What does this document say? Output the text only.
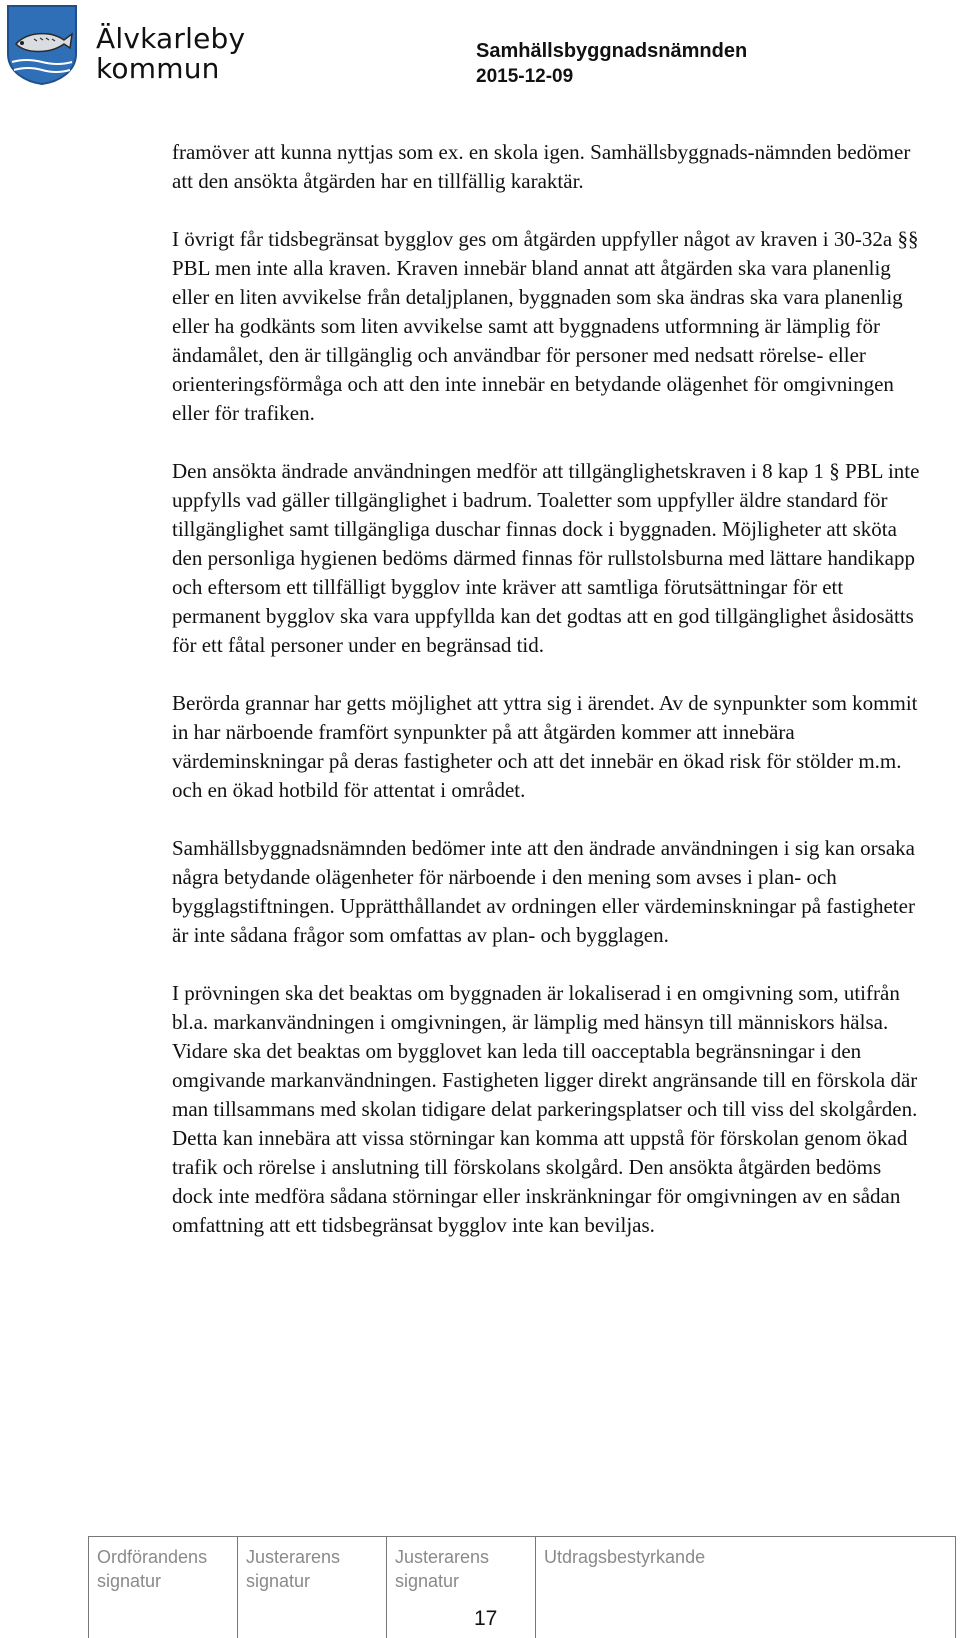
Älvkarleby
kommun
Samhällsbyggnadsnämnden
2015-12-09

framöver att kunna nyttjas som ex. en skola igen. Samhällsbyggnads-nämnden bedömer att den ansökta åtgärden har en tillfällig karaktär.

I övrigt får tidsbegränsat bygglov ges om åtgärden uppfyller något av kraven i 30-32a §§ PBL men inte alla kraven. Kraven innebär bland annat att åtgärden ska vara planenlig eller en liten avvikelse från detaljplanen, byggnaden som ska ändras ska vara planenlig eller ha godkänts som liten avvikelse samt att byggnadens utformning är lämplig för ändamålet, den är tillgänglig och användbar för personer med nedsatt rörelse- eller orienteringsförmåga och att den inte innebär en betydande olägenhet för omgivningen eller för trafiken.

Den ansökta ändrade användningen medför att tillgänglighetskraven i 8 kap 1 § PBL inte uppfylls vad gäller tillgänglighet i badrum. Toaletter som uppfyller äldre standard för tillgänglighet samt tillgängliga duschar finnas dock i byggnaden. Möjligheter att sköta den personliga hygienen bedöms därmed finnas för rullstolsburna med lättare handikapp och eftersom ett tillfälligt bygglov inte kräver att samtliga förutsättningar för ett permanent bygglov ska vara uppfyllda kan det godtas att en god tillgänglighet åsidosätts för ett fåtal personer under en begränsad tid.

Berörda grannar har getts möjlighet att yttra sig i ärendet. Av de synpunkter som kommit in har närboende framfört synpunkter på att åtgärden kommer att innebära värdeminskningar på deras fastigheter och att det innebär en ökad risk för stölder m.m. och en ökad hotbild för attentat i området.

Samhällsbyggnadsnämnden bedömer inte att den ändrade användningen i sig kan orsaka några betydande olägenheter för närboende i den mening som avses i plan- och bygglagstiftningen. Upprätthållandet av ordningen eller värdeminskningar på fastigheter är inte sådana frågor som omfattas av plan- och bygglagen.

I prövningen ska det beaktas om byggnaden är lokaliserad i en omgivning som, utifrån bl.a. markanvändningen i omgivningen, är lämplig med hänsyn till människors hälsa. Vidare ska det beaktas om bygglovet kan leda till oacceptabla begränsningar i den omgivande markanvändningen. Fastigheten ligger direkt angränsande till en förskola där man tillsammans med skolan tidigare delat parkeringsplatser och till viss del skolgården. Detta kan innebära att vissa störningar kan komma att uppstå för förskolan genom ökad trafik och rörelse i anslutning till förskolans skolgård. Den ansökta åtgärden bedöms dock inte medföra sådana störningar eller inskränkningar för omgivningen av en sådan omfattning att ett tidsbegränsat bygglov inte kan beviljas.

Ordförandens
signatur
Justerarens
signatur
Justerarens
signatur
Utdragsbestyrkande
17
